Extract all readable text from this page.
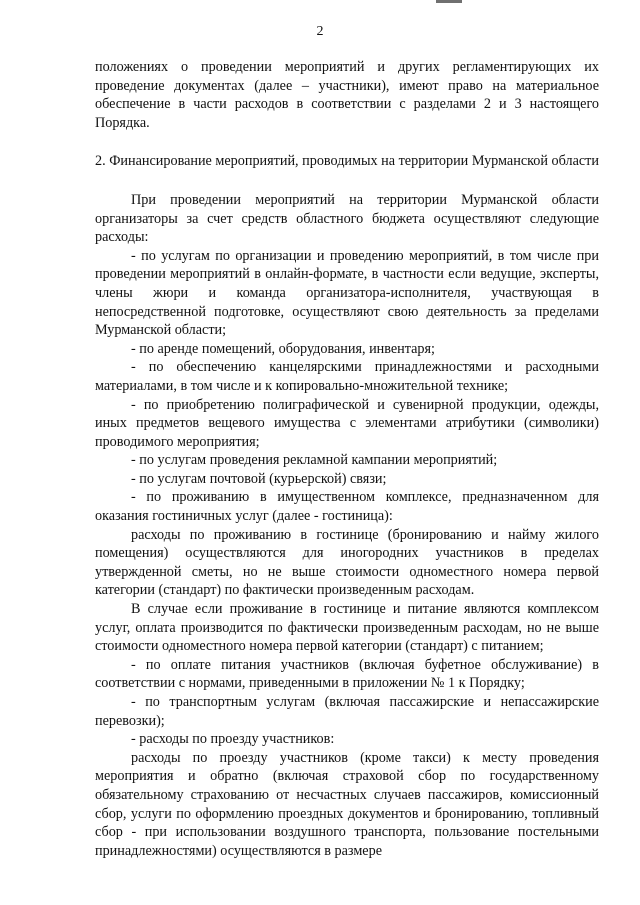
2

положениях о проведении мероприятий и других регламентирующих их проведение документах (далее – участники), имеют право на материальное обеспечение в части расходов в соответствии с разделами 2 и 3 настоящего Порядка.

2. Финансирование мероприятий, проводимых на территории Мурманской области

При проведении мероприятий на территории Мурманской области организаторы за счет средств областного бюджета осуществляют следующие расходы:

- по услугам по организации и проведению мероприятий, в том числе при проведении мероприятий в онлайн-формате, в частности если ведущие, эксперты, члены жюри и команда организатора-исполнителя, участвующая в непосредственной подготовке, осуществляют свою деятельность за пределами Мурманской области;

- по аренде помещений, оборудования, инвентаря;

- по обеспечению канцелярскими принадлежностями и расходными материалами, в том числе и к копировально-множительной технике;

- по приобретению полиграфической и сувенирной продукции, одежды, иных предметов вещевого имущества с элементами атрибутики (символики) проводимого мероприятия;

- по услугам проведения рекламной кампании мероприятий;

- по услугам почтовой (курьерской) связи;

- по проживанию в имущественном комплексе, предназначенном для оказания гостиничных услуг (далее - гостиница):

расходы по проживанию в гостинице (бронированию и найму жилого помещения) осуществляются для иногородних участников в пределах утвержденной сметы, но не выше стоимости одноместного номера первой категории (стандарт) по фактически произведенным расходам.

В случае если проживание в гостинице и питание являются комплексом услуг, оплата производится по фактически произведенным расходам, но не выше стоимости одноместного номера первой категории (стандарт) с питанием;

- по оплате питания участников (включая буфетное обслуживание) в соответствии с нормами, приведенными в приложении № 1 к Порядку;

- по транспортным услугам (включая пассажирские и непассажирские перевозки);

- расходы по проезду участников:

расходы по проезду участников (кроме такси) к месту проведения мероприятия и обратно (включая страховой сбор по государственному обязательному страхованию от несчастных случаев пассажиров, комиссионный сбор, услуги по оформлению проездных документов и бронированию, топливный сбор - при использовании воздушного транспорта, пользование постельными принадлежностями) осуществляются в размере
